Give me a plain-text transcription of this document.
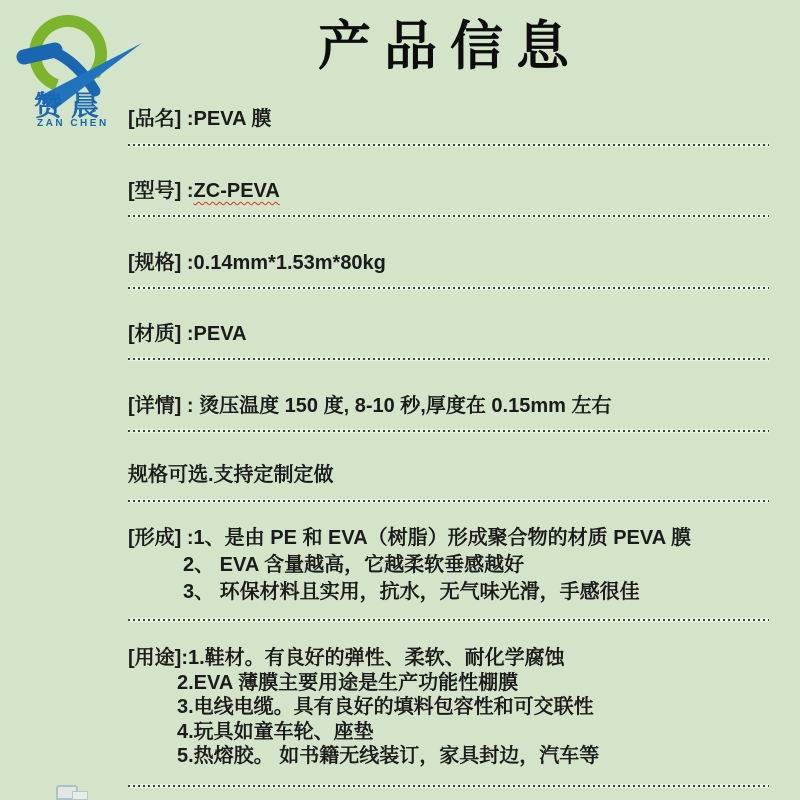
赞晨
ZAN CHEN
产品信息
[品名] :PEVA 膜
[型号] :ZC-PEVA
[规格] :0.14mm*1.53m*80kg
[材质] :PEVA
[详情] : 烫压温度 150 度, 8-10 秒,厚度在 0.15mm 左右
规格可选.支持定制定做
[形成] :1、是由 PE 和 EVA（树脂）形成聚合物的材质 PEVA 膜
2、 EVA 含量越高，它越柔软垂感越好
3、 环保材料且实用，抗水，无气味光滑，手感很佳
[用途]:1.鞋材。有良好的弹性、柔软、耐化学腐蚀
2.EVA 薄膜主要用途是生产功能性棚膜
3.电线电缆。具有良好的填料包容性和可交联性
4.玩具如童车轮、座垫
5.热熔胶。 如书籍无线装订，家具封边，汽车等
